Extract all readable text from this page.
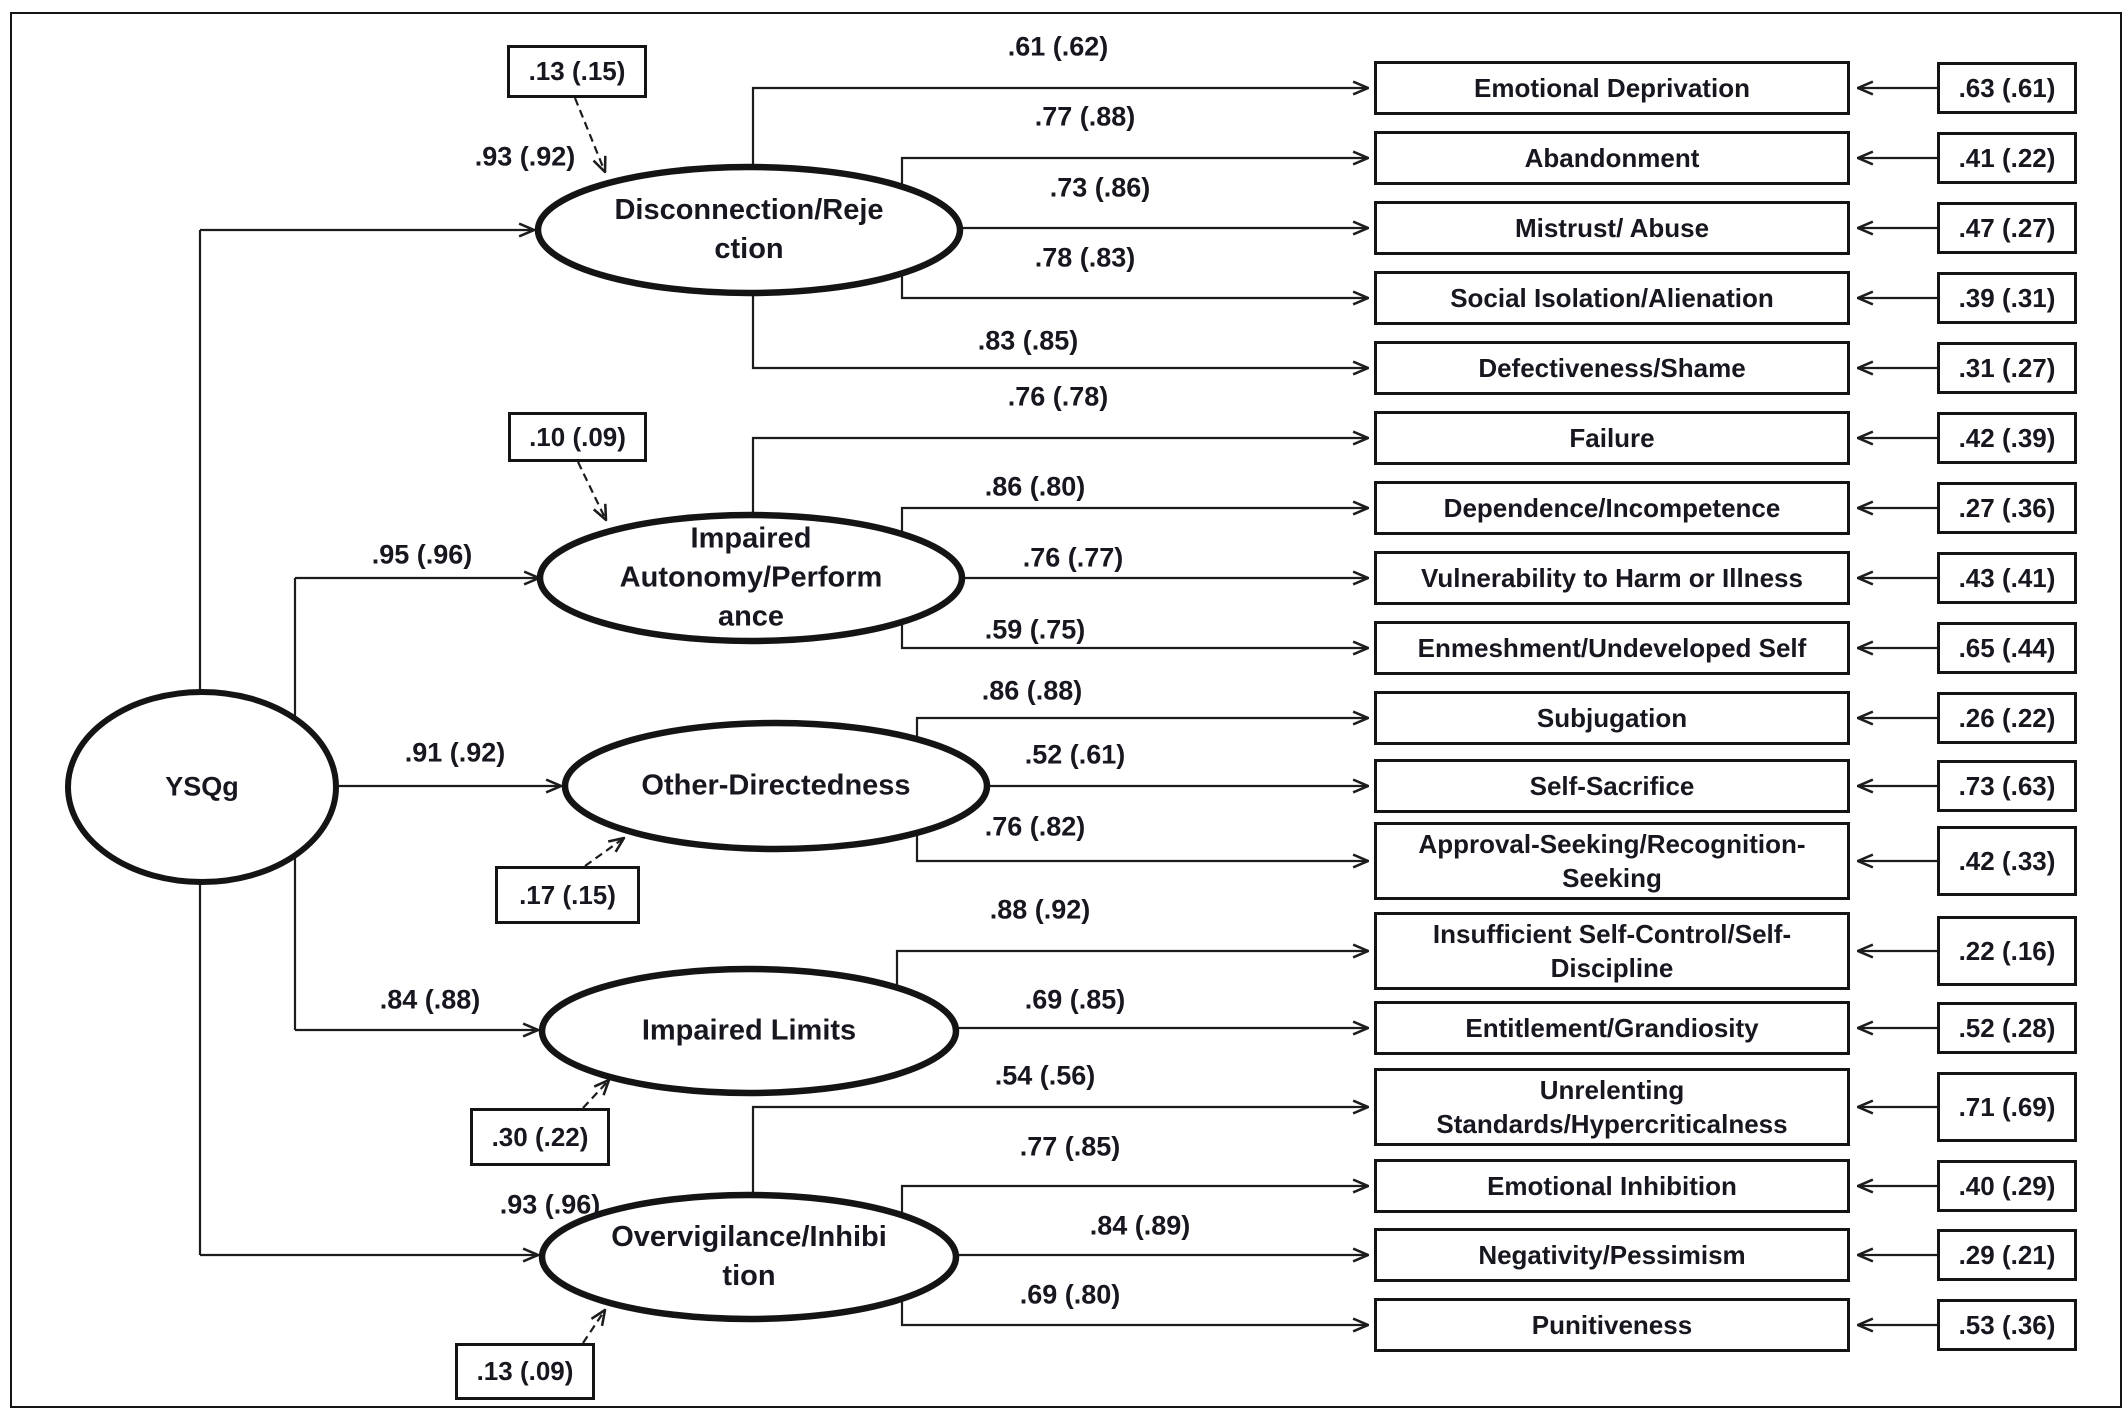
YSQg
Disconnection/Reje
ction
Impaired
Autonomy/Perform
ance
Other-Directedness
Impaired Limits
Overvigilance/Inhibi
tion
.93 (.92)
.95 (.96)
.91 (.92)
.84 (.88)
.93 (.96)
.13 (.15)
.10 (.09)
.17 (.15)
.30 (.22)
.13 (.09)
.61 (.62)
.77 (.88)
.73 (.86)
.78 (.83)
.83 (.85)
.76 (.78)
.86 (.80)
.76 (.77)
.59 (.75)
.86 (.88)
.52 (.61)
.76 (.82)
.88 (.92)
.69 (.85)
.54 (.56)
.77 (.85)
.84 (.89)
.69 (.80)
Emotional Deprivation
Abandonment
Mistrust/ Abuse
Social Isolation/Alienation
Defectiveness/Shame
Failure
Dependence/Incompetence
Vulnerability to Harm or Illness
Enmeshment/Undeveloped Self
Subjugation
Self-Sacrifice
Approval-Seeking/Recognition-
Seeking
Insufficient Self-Control/Self-
Discipline
Entitlement/Grandiosity
Unrelenting
Standards/Hypercriticalness
Emotional Inhibition
Negativity/Pessimism
Punitiveness
.63 (.61)
.41 (.22)
.47 (.27)
.39 (.31)
.31 (.27)
.42 (.39)
.27 (.36)
.43 (.41)
.65 (.44)
.26 (.22)
.73 (.63)
.42 (.33)
.22 (.16)
.52 (.28)
.71 (.69)
.40 (.29)
.29 (.21)
.53 (.36)
